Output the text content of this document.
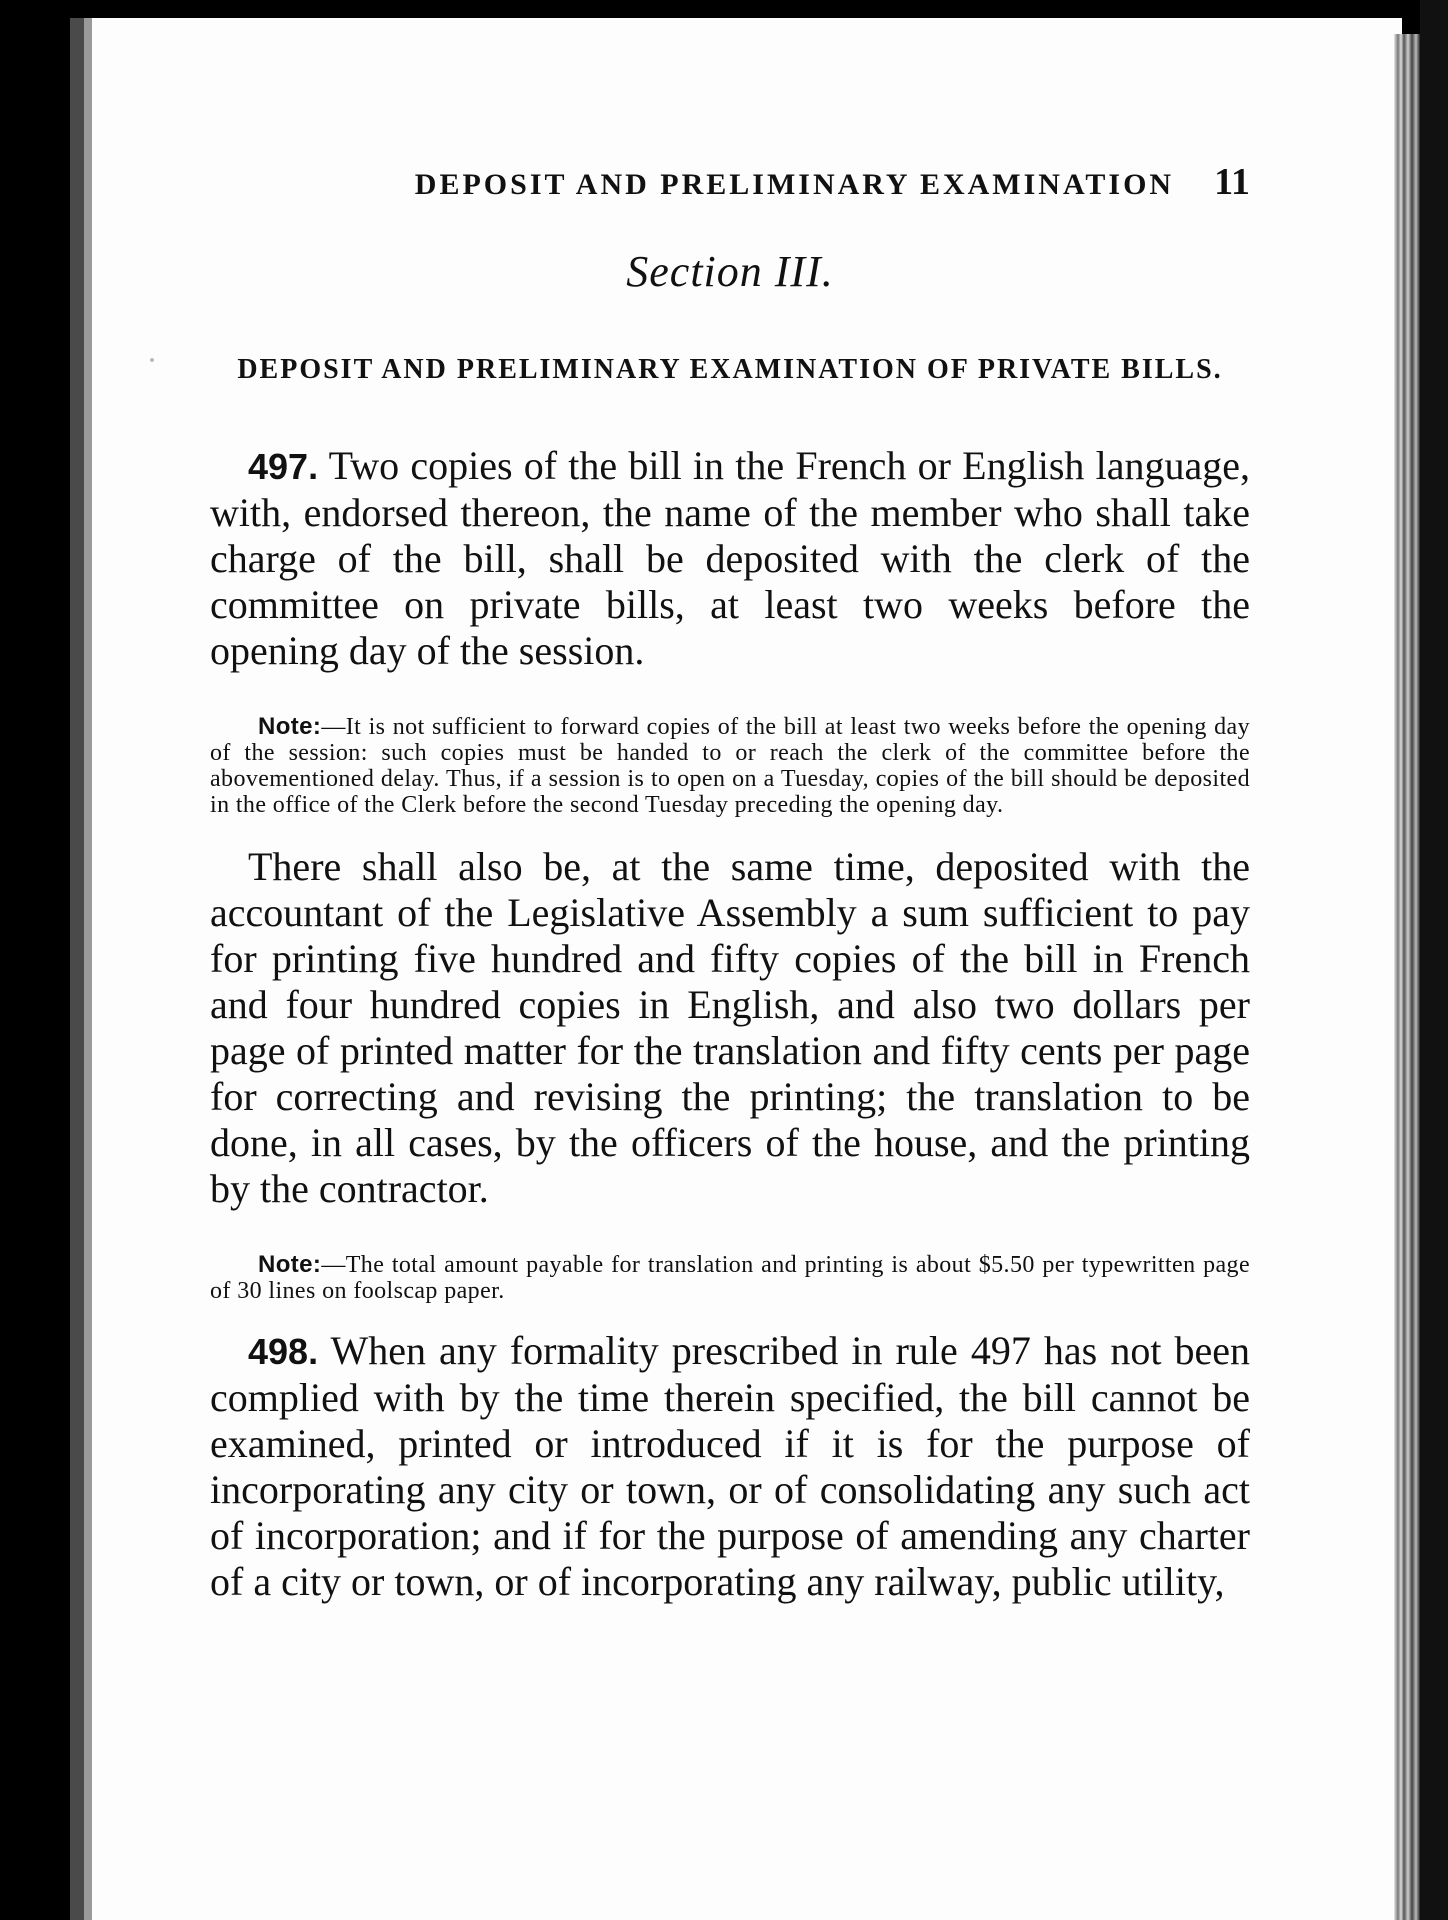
DEPOSIT AND PRELIMINARY EXAMINATION 11
Section III.
DEPOSIT AND PRELIMINARY EXAMINATION OF PRIVATE BILLS.

497. Two copies of the bill in the French or English language, with, endorsed thereon, the name of the member who shall take charge of the bill, shall be deposited with the clerk of the committee on private bills, at least two weeks before the opening day of the session.

Note:—It is not sufficient to forward copies of the bill at least two weeks before the opening day of the session: such copies must be handed to or reach the clerk of the committee before the abovementioned delay. Thus, if a session is to open on a Tuesday, copies of the bill should be deposited in the office of the Clerk before the second Tuesday preceding the opening day.

There shall also be, at the same time, deposited with the accountant of the Legislative Assembly a sum sufficient to pay for printing five hundred and fifty copies of the bill in French and four hundred copies in English, and also two dollars per page of printed matter for the translation and fifty cents per page for correcting and revising the printing; the translation to be done, in all cases, by the officers of the house, and the printing by the contractor.

Note:—The total amount payable for translation and printing is about $5.50 per typewritten page of 30 lines on foolscap paper.

498. When any formality prescribed in rule 497 has not been complied with by the time therein specified, the bill cannot be examined, printed or introduced if it is for the purpose of incorporating any city or town, or of consolidating any such act of incorporation; and if for the purpose of amending any charter of a city or town, or of incorporating any railway, public utility,
